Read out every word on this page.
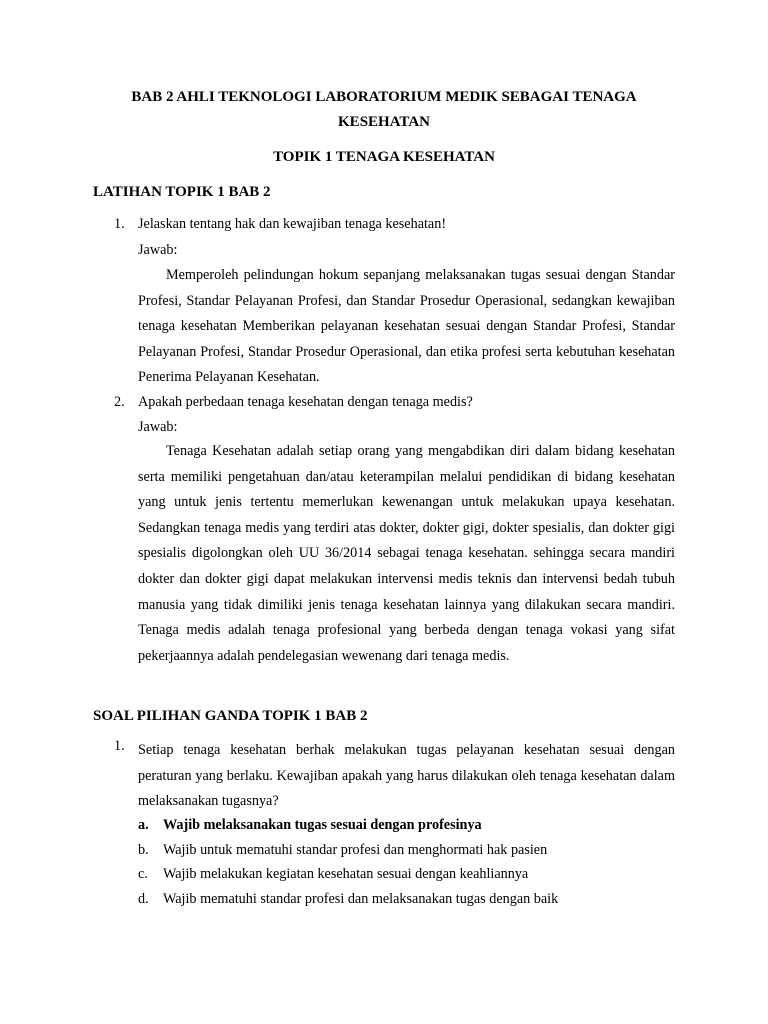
BAB 2 AHLI TEKNOLOGI LABORATORIUM MEDIK SEBAGAI TENAGA KESEHATAN
TOPIK 1 TENAGA KESEHATAN
LATIHAN TOPIK 1 BAB 2
1. Jelaskan tentang hak dan kewajiban tenaga kesehatan!
Jawab:
Memperoleh pelindungan hokum sepanjang melaksanakan tugas sesuai dengan Standar Profesi, Standar Pelayanan Profesi, dan Standar Prosedur Operasional, sedangkan kewajiban tenaga kesehatan Memberikan pelayanan kesehatan sesuai dengan Standar Profesi, Standar Pelayanan Profesi, Standar Prosedur Operasional, dan etika profesi serta kebutuhan kesehatan Penerima Pelayanan Kesehatan.
2. Apakah perbedaan tenaga kesehatan dengan tenaga medis?
Jawab:
Tenaga Kesehatan adalah setiap orang yang mengabdikan diri dalam bidang kesehatan serta memiliki pengetahuan dan/atau keterampilan melalui pendidikan di bidang kesehatan yang untuk jenis tertentu memerlukan kewenangan untuk melakukan upaya kesehatan. Sedangkan tenaga medis yang terdiri atas dokter, dokter gigi, dokter spesialis, dan dokter gigi spesialis digolongkan oleh UU 36/2014 sebagai tenaga kesehatan. sehingga secara mandiri dokter dan dokter gigi dapat melakukan intervensi medis teknis dan intervensi bedah tubuh manusia yang tidak dimiliki jenis tenaga kesehatan lainnya yang dilakukan secara mandiri. Tenaga medis adalah tenaga profesional yang berbeda dengan tenaga vokasi yang sifat pekerjaannya adalah pendelegasian wewenang dari tenaga medis.
SOAL PILIHAN GANDA TOPIK 1 BAB 2
1. Setiap tenaga kesehatan berhak melakukan tugas pelayanan kesehatan sesuai dengan peraturan yang berlaku. Kewajiban apakah yang harus dilakukan oleh tenaga kesehatan dalam melaksanakan tugasnya?
a. Wajib melaksanakan tugas sesuai dengan profesinya
b. Wajib untuk mematuhi standar profesi dan menghormati hak pasien
c. Wajib melakukan kegiatan kesehatan sesuai dengan keahliannya
d. Wajib mematuhi standar profesi dan melaksanakan tugas dengan baik
